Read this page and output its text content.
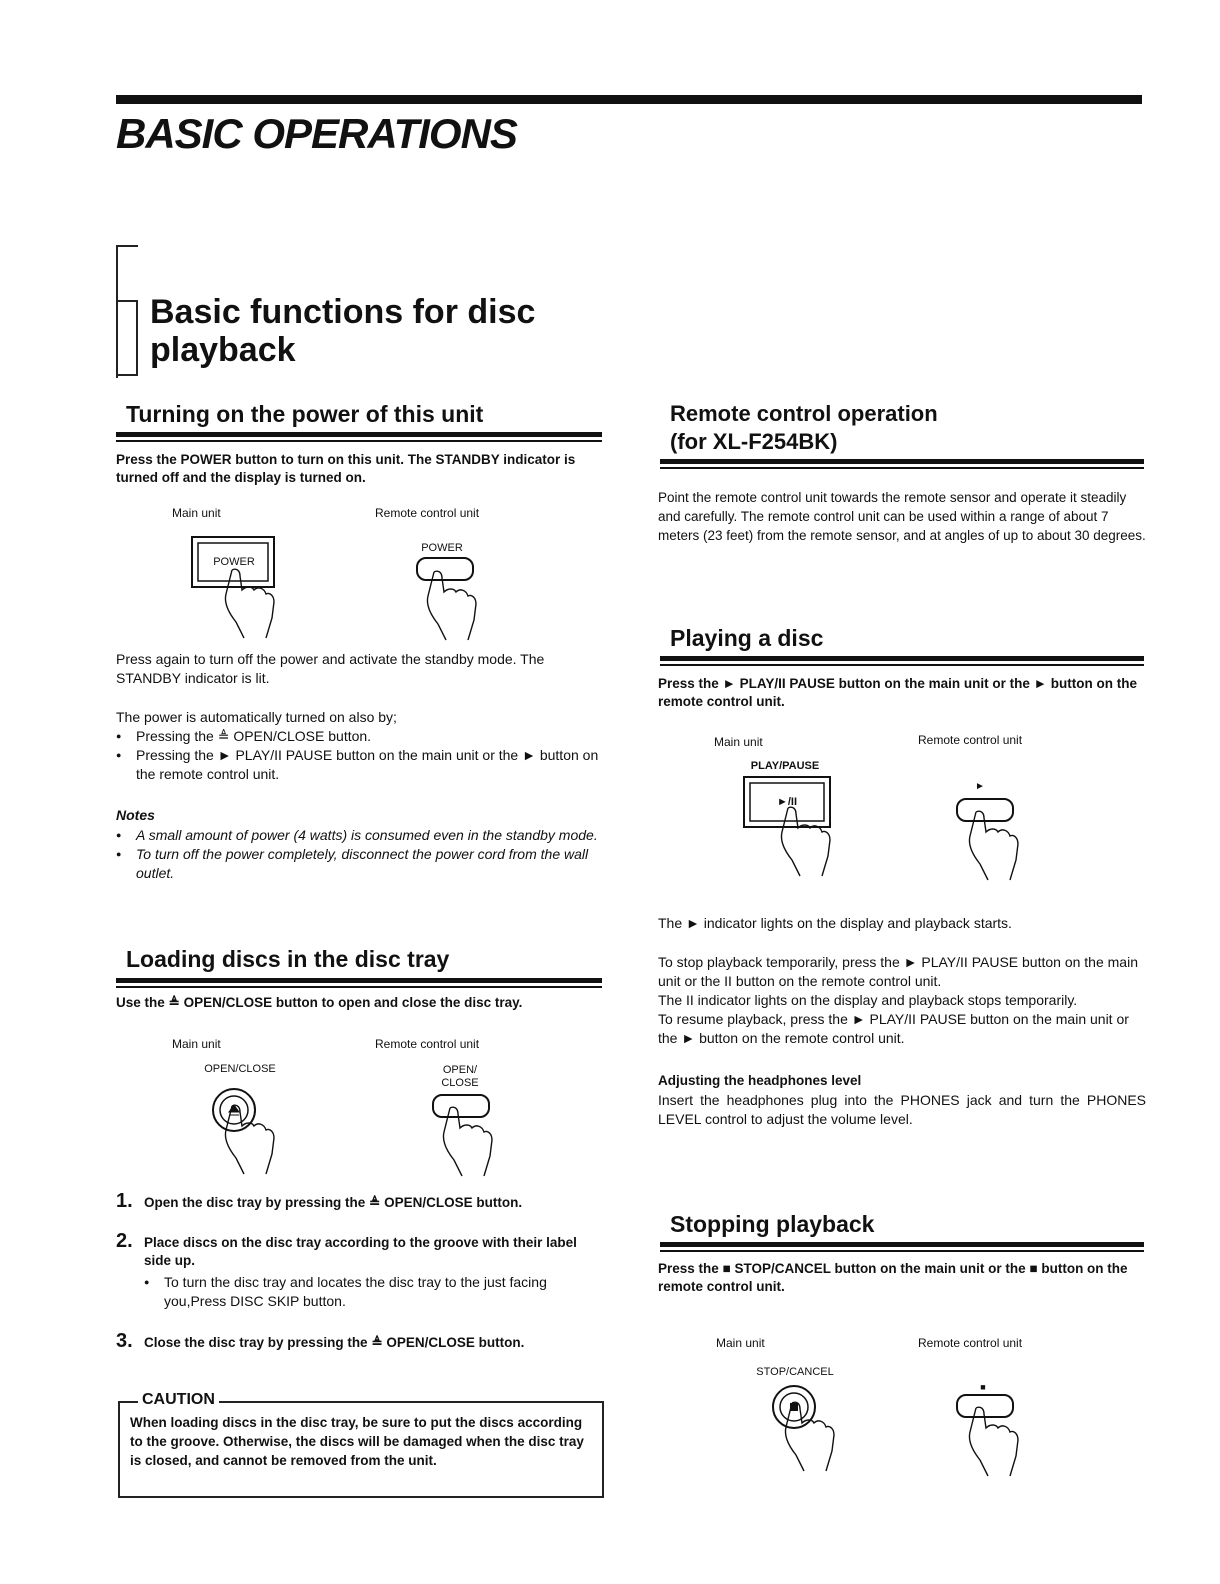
BASIC OPERATIONS
Basic functions for disc playback
Turning on the power of this unit
Press the POWER button to turn on this unit. The STANDBY indicator is turned off and the display is turned on.
Main unit	Remote control unit
POWER
POWER
Press again to turn off the power and activate the standby mode. The STANDBY indicator is lit.
The power is automatically turned on also by;
● Pressing the ≜ OPEN/CLOSE button.
● Pressing the ► PLAY/II PAUSE button on the main unit or the ► button on the remote control unit.
Notes
● A small amount of power (4 watts) is consumed even in the standby mode.
● To turn off the power completely, disconnect the power cord from the wall outlet.
Loading discs in the disc tray
Use the ≜ OPEN/CLOSE button to open and close the disc tray.
Main unit	Remote control unit
OPEN/CLOSE	OPEN/
CLOSE
1. Open the disc tray by pressing the ≜ OPEN/CLOSE button.
2. Place discs on the disc tray according to the groove with their label side up.
● To turn the disc tray and locates the disc tray to the just facing you,Press DISC SKIP button.
3. Close the disc tray by pressing the ≜ OPEN/CLOSE button.
CAUTION
When loading discs in the disc tray, be sure to put the discs according to the groove. Otherwise, the discs will be damaged when the disc tray is closed, and cannot be removed from the unit.
Remote control operation
(for XL-F254BK)
Point the remote control unit towards the remote sensor and operate it steadily and carefully. The remote control unit can be used within a range of about 7 meters (23 feet) from the remote sensor, and at angles of up to about 30 degrees.
Playing a disc
Press the ► PLAY/II PAUSE button on the main unit or the ► button on the remote control unit.
Main unit	Remote control unit
PLAY/PAUSE
►/II
►
The ► indicator lights on the display and playback starts.
To stop playback temporarily, press the ► PLAY/II PAUSE button on the main unit or the II button on the remote control unit.
The II indicator lights on the display and playback stops temporarily.
To resume playback, press the ► PLAY/II PAUSE button on the main unit or the ► button on the remote control unit.
Adjusting the headphones level
Insert the headphones plug into the PHONES jack and turn the PHONES LEVEL control to adjust the volume level.
Stopping playback
Press the ■ STOP/CANCEL button on the main unit or the ■ button on the remote control unit.
Main unit	Remote control unit
STOP/CANCEL
■
